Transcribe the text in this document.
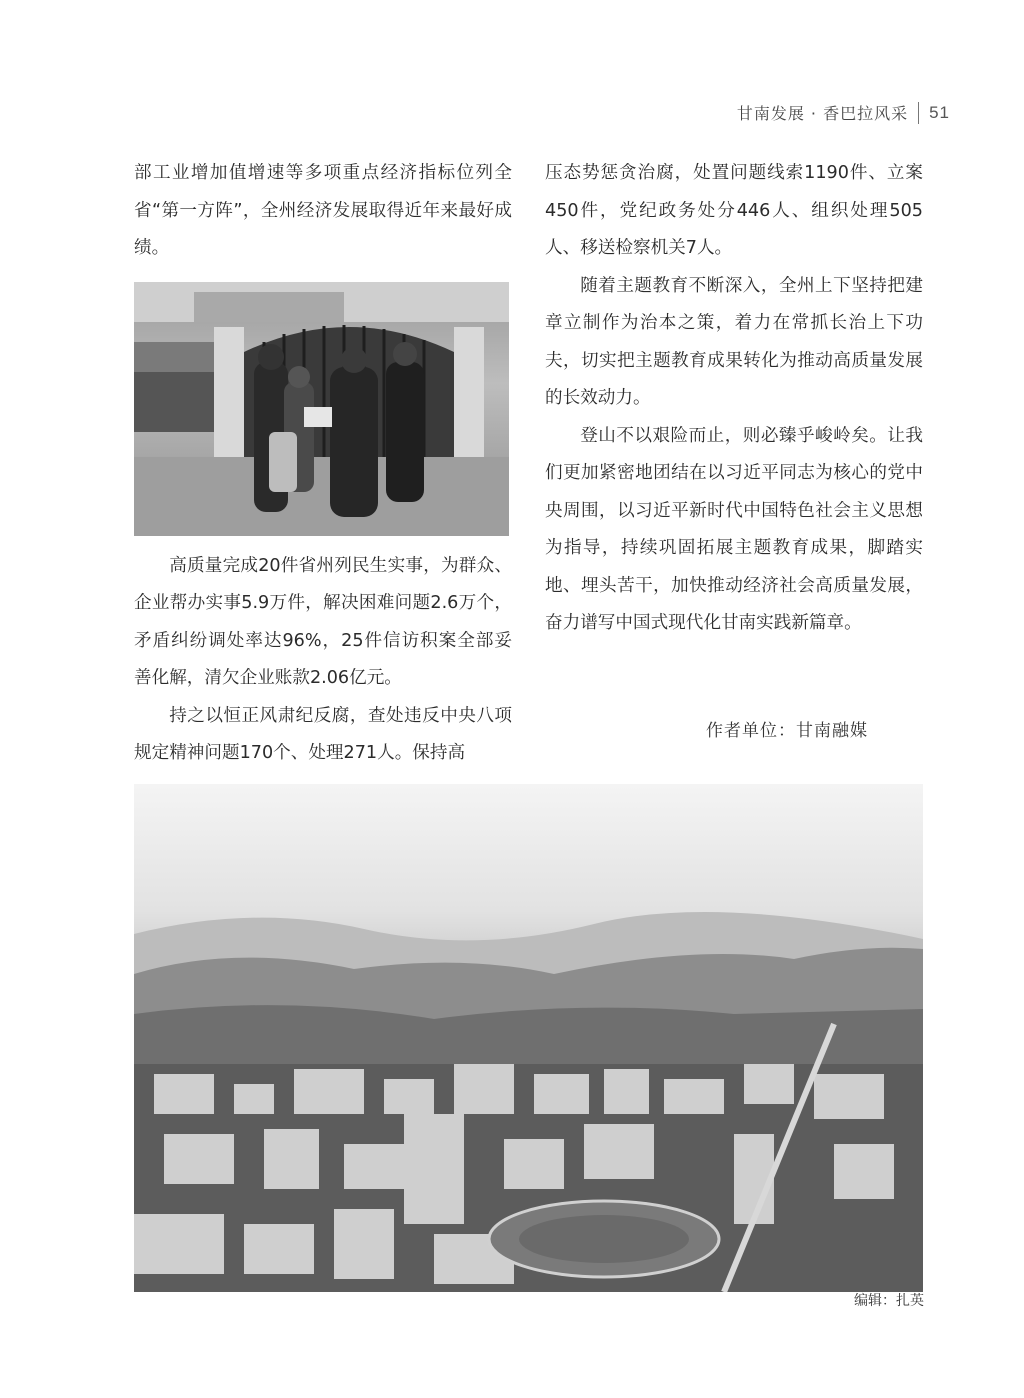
甘南发展 · 香巴拉风采 51

部工业增加值增速等多项重点经济指标位列全省“第一方阵”，全州经济发展取得近年来最好成绩。

高质量完成20件省州列民生实事，为群众、企业帮办实事5.9万件，解决困难问题2.6万个，矛盾纠纷调处率达96%，25件信访积案全部妥善化解，清欠企业账款2.06亿元。

持之以恒正风肃纪反腐，查处违反中央八项规定精神问题170个、处理271人。保持高

压态势惩贪治腐，处置问题线索1190件、立案450件，党纪政务处分446人、组织处理505人、移送检察机关7人。

随着主题教育不断深入，全州上下坚持把建章立制作为治本之策，着力在常抓长治上下功夫，切实把主题教育成果转化为推动高质量发展的长效动力。

登山不以艰险而止，则必臻乎峻岭矣。让我们更加紧密地团结在以习近平同志为核心的党中央周围，以习近平新时代中国特色社会主义思想为指导，持续巩固拓展主题教育成果，脚踏实地、埋头苦干，加快推动经济社会高质量发展，奋力谱写中国式现代化甘南实践新篇章。

作者单位：甘南融媒
编辑：扎英
